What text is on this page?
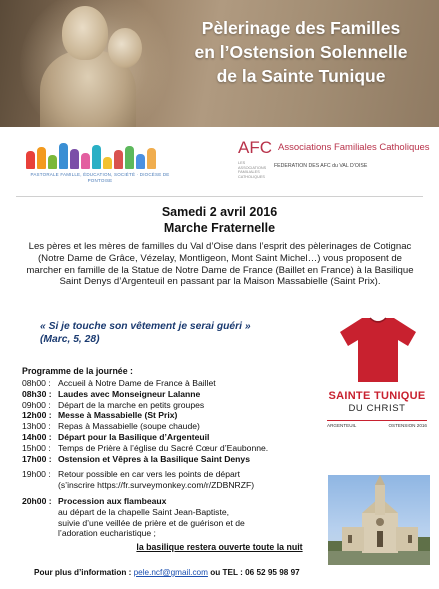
Pèlerinage des Familles
en l’Ostension Solennelle
de la Sainte Tunique
PASTORALE FAMILLE, ÉDUCATION, SOCIÉTÉ · DIOCÈSE DE PONTOISE
AFC Associations Familiales Catholiques
LES ASSOCIATIONS FAMILIALES CATHOLIQUES
FEDERATION DES AFC du VAL D’OISE
Samedi 2 avril 2016
Marche Fraternelle
Les pères et les mères de familles du Val d’Oise dans l’esprit des pèlerinages de Cotignac (Notre Dame de Grâce, Vézelay, Montligeon, Mont Saint Michel…) vous proposent de marcher en famille de la Statue de Notre Dame de France (Baillet en France) à la Basilique Saint Denys d’Argenteuil en passant par la Maison Massabielle (Saint Prix).
« Si je touche son vêtement je serai guéri »
(Marc, 5, 28)
Programme de la journée :
08h00 : Accueil à Notre Dame de France à Baillet
08h30 : Laudes avec Monseigneur Lalanne
09h00 : Départ de la marche en petits groupes
12h00 : Messe à Massabielle (St Prix)
13h00 : Repas à Massabielle (soupe chaude)
14h00 : Départ pour la Basilique d’Argenteuil
15h00 : Temps de Prière à l’église du Sacré Cœur d’Eaubonne.
17h00 : Ostension et Vêpres à la Basilique Saint Denys
19h00 : Retour possible en car vers les points de départ
(s’inscrire https://fr.surveymonkey.com/r/ZDBNRZF)
20h00 : Procession aux flambeaux
au départ de la chapelle Saint Jean-Baptiste,
suivie d’une veillée de prière et de guérison et de
l’adoration eucharistique ;
la basilique restera ouverte toute la nuit
Pour plus d’information : pele.ncf@gmail.com ou TEL : 06 52 95 98 97
SAINTE TUNIQUE
DU CHRIST
ARGENTEUIL	OSTENSION 2016
